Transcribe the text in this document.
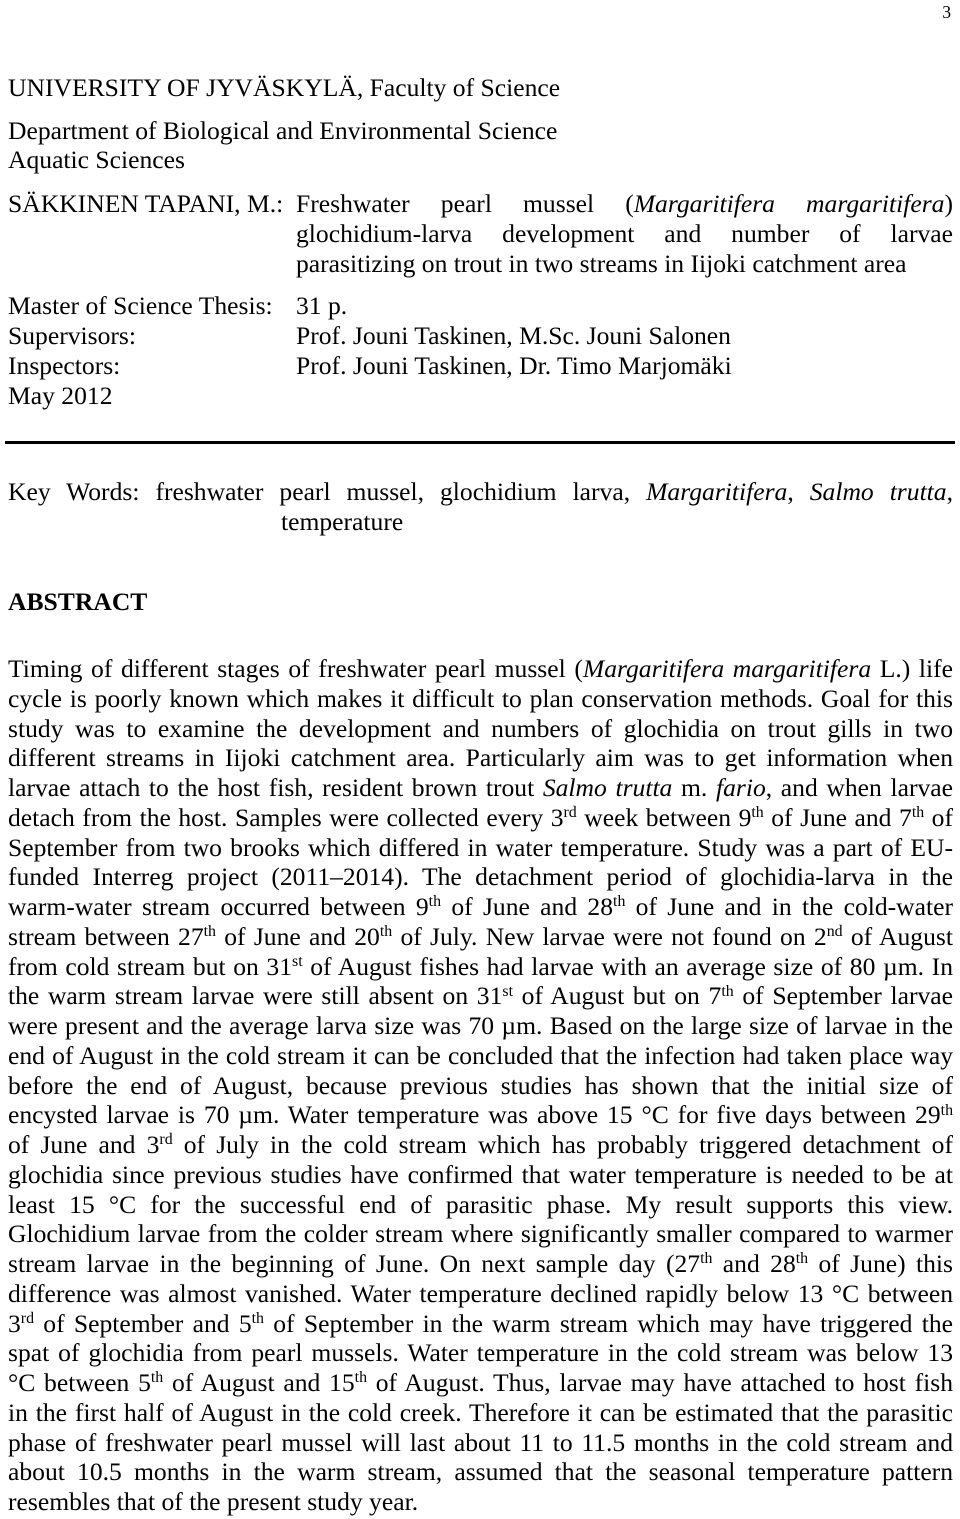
3
UNIVERSITY OF JYVÄSKYLÄ, Faculty of Science
Department of Biological and Environmental Science
Aquatic Sciences
SÄKKINEN TAPANI, M.: Freshwater pearl mussel (Margaritifera margaritifera)
glochidium-larva development and number of larvae
parasitizing on trout in two streams in Iijoki catchment area
Master of Science Thesis: 31 p.
Supervisors:	Prof. Jouni Taskinen, M.Sc. Jouni Salonen
Inspectors:	Prof. Jouni Taskinen, Dr. Timo Marjomäki
May 2012
Key Words: freshwater pearl mussel, glochidium larva, Margaritifera, Salmo trutta,
temperature
ABSTRACT
Timing of different stages of freshwater pearl mussel (Margaritifera margaritifera L.) life
cycle is poorly known which makes it difficult to plan conservation methods. Goal for this
study was to examine the development and numbers of glochidia on trout gills in two
different streams in Iijoki catchment area. Particularly aim was to get information when
larvae attach to the host fish, resident brown trout Salmo trutta m. fario, and when larvae
detach from the host. Samples were collected every 3rd week between 9th of June and 7th of
September from two brooks which differed in water temperature. Study was a part of EU-
funded Interreg project (2011–2014). The detachment period of glochidia-larva in the
warm-water stream occurred between 9th of June and 28th of June and in the cold-water
stream between 27th of June and 20th of July. New larvae were not found on 2nd of August
from cold stream but on 31st of August fishes had larvae with an average size of 80 µm. In
the warm stream larvae were still absent on 31st of August but on 7th of September larvae
were present and the average larva size was 70 µm. Based on the large size of larvae in the
end of August in the cold stream it can be concluded that the infection had taken place way
before the end of August, because previous studies has shown that the initial size of
encysted larvae is 70 µm. Water temperature was above 15 °C for five days between 29th
of June and 3rd of July in the cold stream which has probably triggered detachment of
glochidia since previous studies have confirmed that water temperature is needed to be at
least 15 °C for the successful end of parasitic phase. My result supports this view.
Glochidium larvae from the colder stream where significantly smaller compared to warmer
stream larvae in the beginning of June. On next sample day (27th and 28th of June) this
difference was almost vanished. Water temperature declined rapidly below 13 °C between
3rd of September and 5th of September in the warm stream which may have triggered the
spat of glochidia from pearl mussels. Water temperature in the cold stream was below 13
°C between 5th of August and 15th of August. Thus, larvae may have attached to host fish
in the first half of August in the cold creek. Therefore it can be estimated that the parasitic
phase of freshwater pearl mussel will last about 11 to 11.5 months in the cold stream and
about 10.5 months in the warm stream, assumed that the seasonal temperature pattern
resembles that of the present study year.
